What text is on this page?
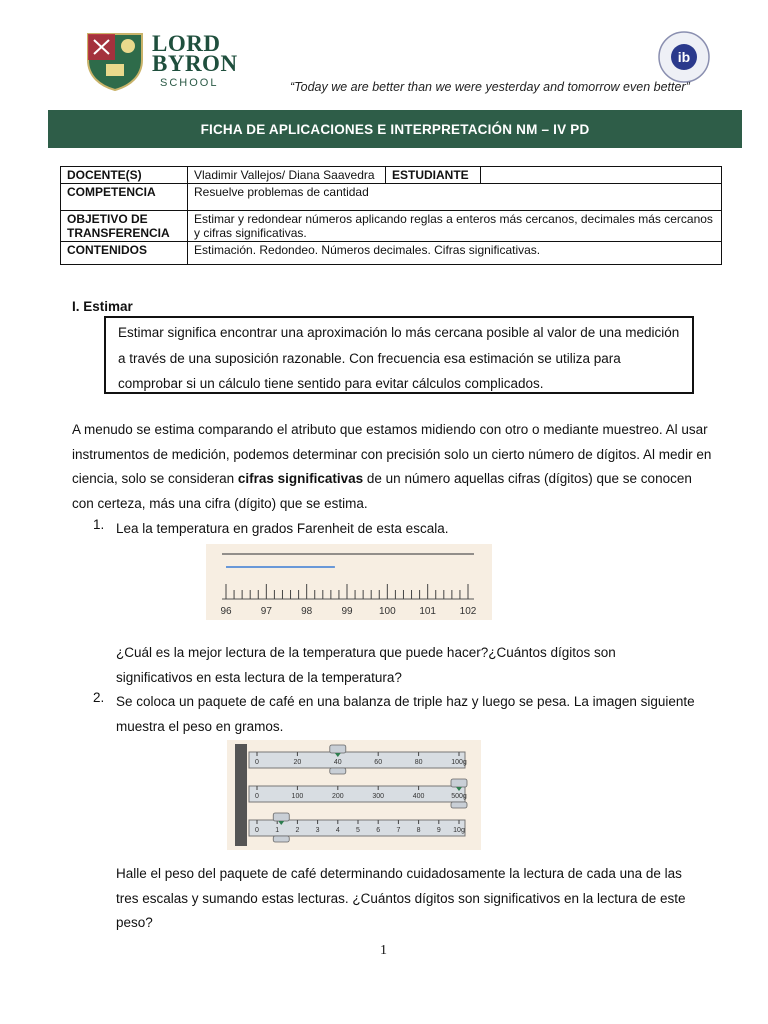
LORD
BYRON
SCHOOL	“Today we are better than we were yesterday and tomorrow even better”
ib
FICHA DE APLICACIONES E INTERPRETACIÓN NM – IV PD
DOCENTE(S)	Vladimir Vallejos/ Diana Saavedra	ESTUDIANTE	
COMPETENCIA	Resuelve problemas de cantidad		
OBJETIVO DE TRANSFERENCIA	Estimar y redondear números aplicando reglas a enteros más cercanos, decimales más cercanos y cifras significativas.		
CONTENIDOS	Estimación. Redondeo. Números decimales. Cifras significativas.		
I. Estimar
Estimar significa encontrar una aproximación lo más cercana posible al valor de una medición a través de una suposición razonable. Con frecuencia esa estimación se utiliza para comprobar si un cálculo tiene sentido para evitar cálculos complicados.
A menudo se estima comparando el atributo que estamos midiendo con otro o mediante muestreo. Al usar instrumentos de medición, podemos determinar con precisión solo un cierto número de dígitos. Al medir en ciencia, solo se consideran cifras significativas de un número aquellas cifras (dígitos) que se conocen con certeza, más una cifra (dígito) que se estima.
1. Lea la temperatura en grados Farenheit de esta escala.
96	97	98	99	100 101 102
¿Cuál es la mejor lectura de la temperatura que puede hacer?¿Cuántos dígitos son significativos en esta lectura de la temperatura?
2. Se coloca un paquete de café en una balanza de triple haz y luego se pesa. La imagen siguiente muestra el peso en gramos.
0	20	40	60	80	100g
0	100	200	300	400	500g
0 1 2 3 4 5 6 7 8 9 10g
Halle el peso del paquete de café determinando cuidadosamente la lectura de cada una de las tres escalas y sumando estas lecturas. ¿Cuántos dígitos son significativos en la lectura de este peso?
1
